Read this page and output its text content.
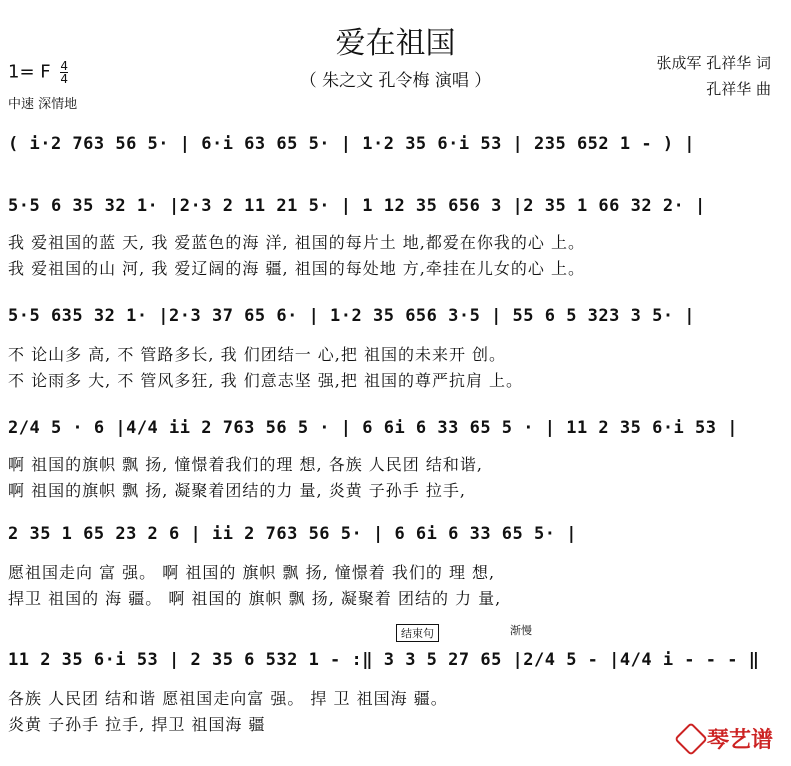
爱在祖国
（ 朱之文 孔令梅 演唱 ）
张成军 孔祥华 词
孔祥华 曲
1= F $\frac{4}{4}$
中速 深情地
( i·2 763 56 5· | 6·i 63 65 5· | 1·2 35 6·i 53 | 235 652 1 - ) |
5·5 6 35 32 1· |2·3 2 11 21 5· | 1 12 35 656 3 |2 35 1 66 32 2· |
我 爱祖国的蓝 天, 我 爱蓝色的海 洋, 祖国的每片土 地,都爱在你我的心 上。
我 爱祖国的山 河, 我 爱辽阔的海 疆, 祖国的每处地 方,牵挂在儿女的心 上。
5·5 635 32 1· |2·3 37 65 6· | 1·2 35 656 3·5 | 55 6 5 323 3 5· |
不 论山多 高, 不 管路多长, 我 们团结一 心,把 祖国的未来开 创。
不 论雨多 大, 不 管风多狂, 我 们意志坚 强,把 祖国的尊严抗肩 上。
2/4 5 · 6 |4/4 ii 2 763 56 5 · | 6 6i 6 33 65 5 · | 11 2 35 6·i 53 |
啊 祖国的旗帜 飘 扬, 憧憬着我们的理 想, 各族 人民团 结和谐,
啊 祖国的旗帜 飘 扬, 凝聚着团结的力 量, 炎黄 子孙手 拉手,
2 35 1 65 23 2 6 | ii 2 763 56 5· | 6 6i 6 33 65 5· |
愿祖国走向 富 强。 啊 祖国的 旗帜 飘 扬, 憧憬着 我们的 理 想,
捍卫 祖国的 海 疆。 啊 祖国的 旗帜 飘 扬, 凝聚着 团结的 力 量,
结束句	渐慢
11 2 35 6·i 53 | 2 35 6 532 1 - :‖ 3 3 5 27 65 |2/4 5 - |4/4 i - - - ‖
各族 人民团 结和谐 愿祖国走向富 强。 捍 卫 祖国海 疆。
炎黄 子孙手 拉手, 捍卫 祖国海 疆
琴艺谱
